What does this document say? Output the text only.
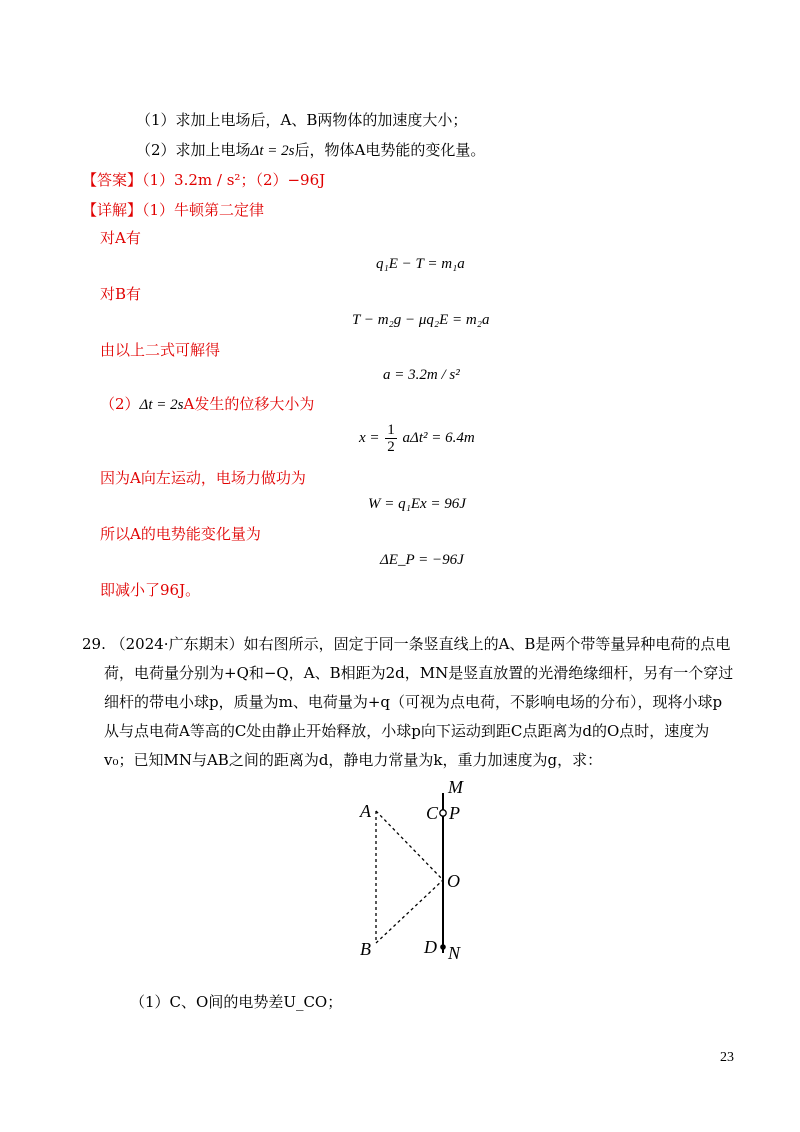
（1）求加上电场后，A、B两物体的加速度大小；
（2）求加上电场Δt = 2s后，物体A电势能的变化量。
【答案】（1）3.2m / s²；（2）−96J
【详解】（1）牛顿第二定律
对A有
q₁E − T = m₁a
对B有
T − m₂g − μq₂E = m₂a
由以上二式可解得
a = 3.2m / s²
（2）Δt = 2sA发生的位移大小为
$x = \frac{1}{2} a\Delta t^2 = 6.4m$
因为A向左运动，电场力做功为
W = q₁Ex = 96J
所以A的电势能变化量为
ΔE_P = −96J
即减小了96J。
29. （2024·广东期末）如右图所示，固定于同一条竖直线上的A、B是两个带等量异种电荷的点电
荷，电荷量分别为+Q和−Q，A、B相距为2d，MN是竖直放置的光滑绝缘细杆，另有一个穿过
细杆的带电小球p，质量为m、电荷量为+q（可视为点电荷，不影响电场的分布），现将小球p
从与点电荷A等高的C处由静止开始释放，小球p向下运动到距C点距离为d的O点时，速度为
v₀；已知MN与AB之间的距离为d，静电力常量为k，重力加速度为g，求：
M
A	C P
O
B	D N
（1）C、O间的电势差U_CO；
23
